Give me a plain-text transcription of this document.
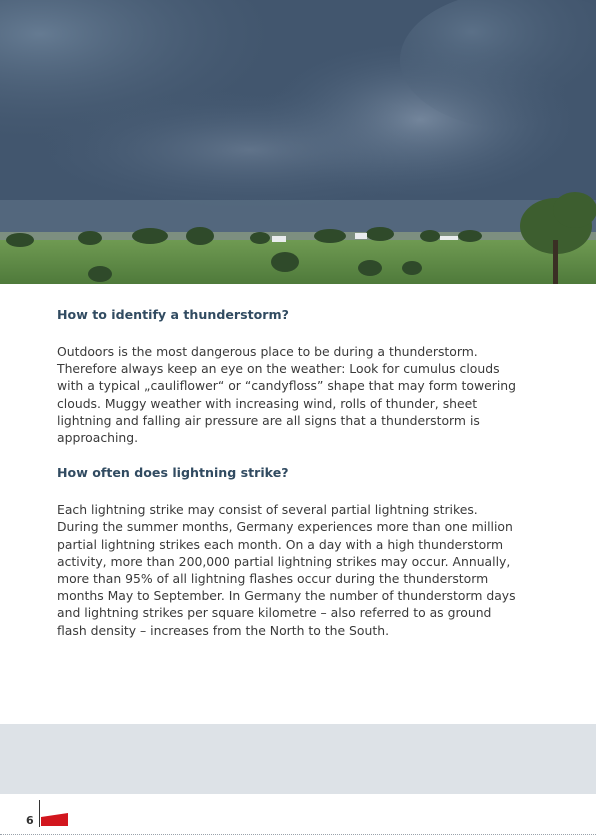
How to identify a thunderstorm?

Outdoors is the most dangerous place to be during a thunderstorm. Therefore always keep an eye on the weather: Look for cumulus clouds with a typical „cauliflower“ or “candyfloss” shape that may form towering clouds. Muggy weather with increasing wind, rolls of thunder, sheet lightning and falling air pressure are all signs that a thunderstorm is approaching.

How often does lightning strike?

Each lightning strike may consist of several partial lightning strikes. During the summer months, Germany experiences more than one million partial lightning strikes each month. On a day with a high thunderstorm activity, more than 200,000 partial lightning strikes may occur. Annually, more than 95% of all lightning flashes occur during the thunderstorm months May to September. In Germany the number of thunderstorm days and lightning strikes per square kilometre – also referred to as ground flash density – increases from the North to the South.

6
